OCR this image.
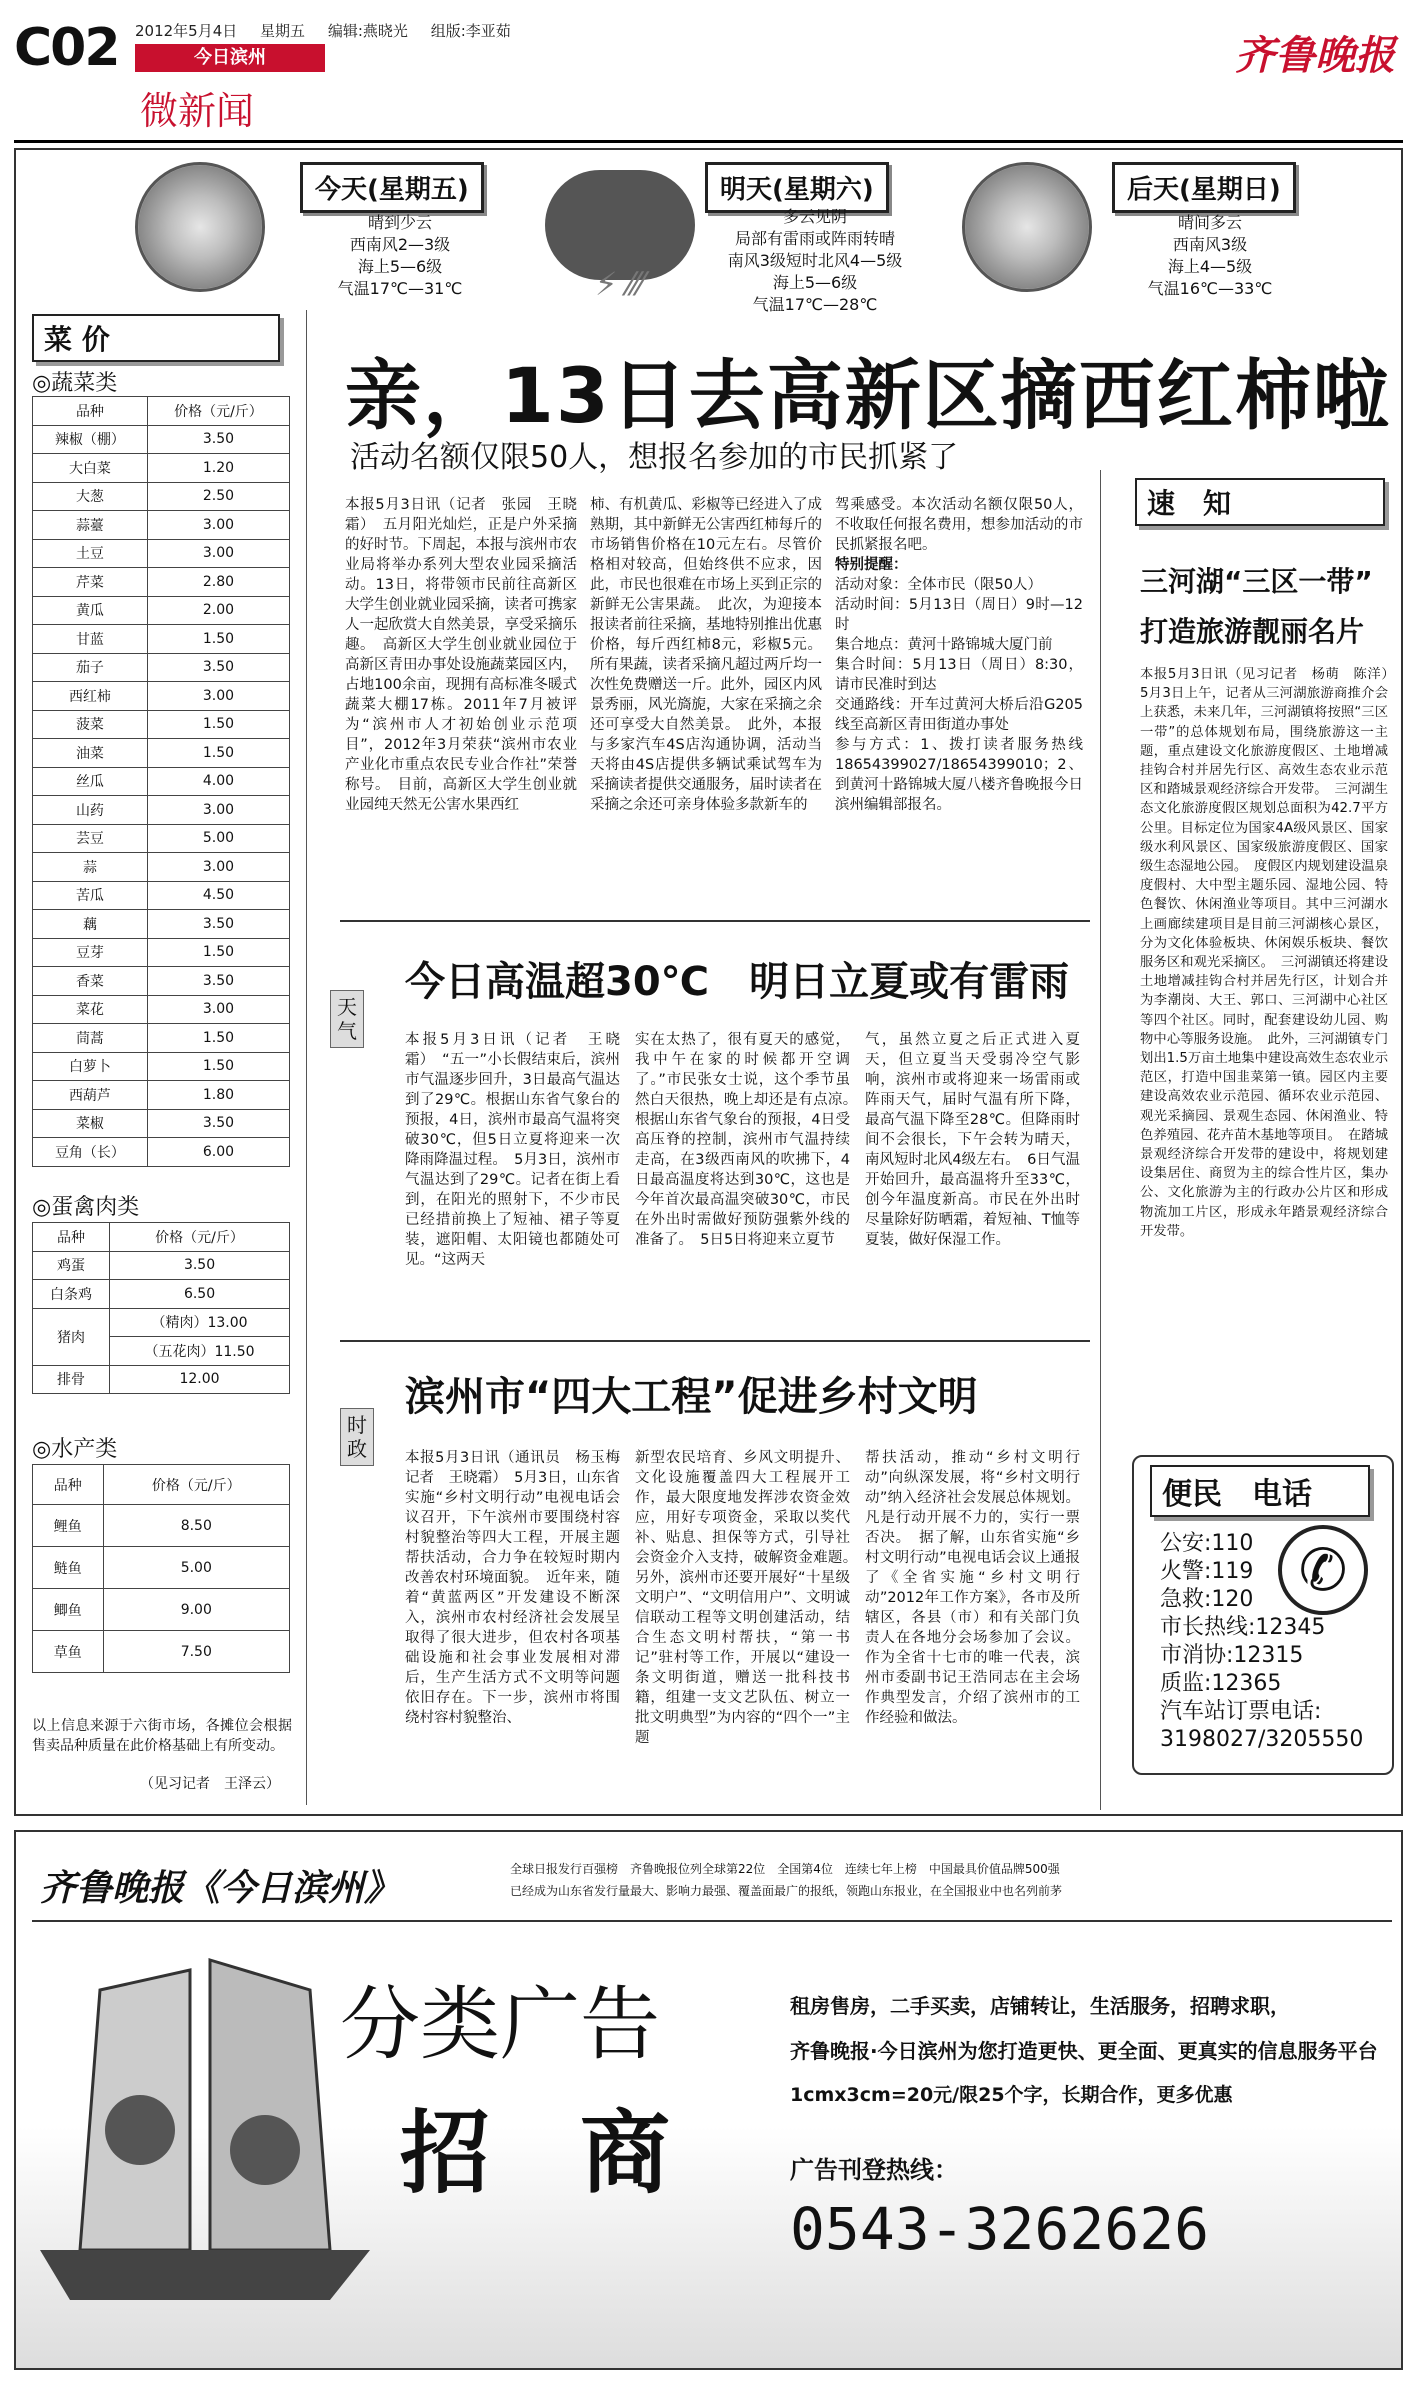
C02 2012年5月4日 星期五 编辑:燕晓光 组版:李亚茹
今日滨州
微新闻
齐鲁晚报
今天(星期五)
晴到少云
西南风2—3级
海上5—6级
气温17℃—31℃	⚡ ⁄⁄⁄
明天(星期六)
多云见阴
局部有雷雨或阵雨转晴
南风3级短时北风4—5级
海上5—6级
气温17℃—28℃
后天(星期日)
晴间多云
西南风3级
海上4—5级
气温16℃—33℃
菜 价
◎蔬菜类
品种	价格（元/斤）
辣椒（棚）	3.50
大白菜	1.20
大葱	2.50
蒜薹	3.00
土豆	3.00
芹菜	2.80
黄瓜	2.00
甘蓝	1.50
茄子	3.50
西红柿	3.00
菠菜	1.50
油菜	1.50
丝瓜	4.00
山药	3.00
芸豆	5.00
蒜	3.00
苦瓜	4.50
藕	3.50
豆芽	1.50
香菜	3.50
菜花	3.00
茼蒿	1.50
白萝卜	1.50
西葫芦	1.80
菜椒	3.50
豆角（长）	6.00
◎蛋禽肉类
品种	价格（元/斤）
鸡蛋	3.50
白条鸡	6.50
猪肉	（精肉）13.00
	（五花肉）11.50
排骨	12.00
◎水产类
品种	价格（元/斤）
鲤鱼	8.50
鲢鱼	5.00
鲫鱼	9.00
草鱼	7.50
以上信息来源于六街市场，各摊位会根据售卖品种质量在此价格基础上有所变动。
（见习记者　王泽云）
亲，13日去高新区摘西红柿啦
活动名额仅限50人，想报名参加的市民抓紧了
本报5月3日讯（记者　张园　王晓霜）　五月阳光灿烂，正是户外采摘的好时节。下周起，本报与滨州市农业局将举办系列大型农业园采摘活动。13日，将带领市民前往高新区大学生创业就业园采摘，读者可携家人一起欣赏大自然美景，享受采摘乐趣。　高新区大学生创业就业园位于高新区青田办事处设施蔬菜园区内，占地100余亩，现拥有高标准冬暖式蔬菜大棚17栋。2011年7月被评为“滨州市人才初始创业示范项目”，2012年3月荣获“滨州市农业产业化市重点农民专业合作社”荣誉称号。　目前，高新区大学生创业就业园纯天然无公害水果西红
柿、有机黄瓜、彩椒等已经进入了成熟期，其中新鲜无公害西红柿每斤的市场销售价格在10元左右。尽管价格相对较高，但始终供不应求，因此，市民也很难在市场上买到正宗的新鲜无公害果蔬。　此次，为迎接本报读者前往采摘，基地特别推出优惠价格，每斤西红柿8元，彩椒5元。所有果蔬，读者采摘凡超过两斤均一次性免费赠送一斤。此外，园区内风景秀丽，风光旖旎，大家在采摘之余还可享受大自然美景。　此外，本报与多家汽车4S店沟通协调，活动当天将由4S店提供多辆试乘试驾车为采摘读者提供交通服务，届时读者在采摘之余还可亲身体验多款新车的
驾乘感受。本次活动名额仅限50人，不收取任何报名费用，想参加活动的市民抓紧报名吧。
特别提醒：
活动对象：全体市民（限50人）
活动时间：5月13日（周日）9时—12时
集合地点：黄河十路锦城大厦门前
集合时间：5月13日（周日）8:30，请市民准时到达
交通路线：开车过黄河大桥后沿G205线至高新区青田街道办事处
参与方式：1、拨打读者服务热线18654399027/18654399010；2、到黄河十路锦城大厦八楼齐鲁晚报今日滨州编辑部报名。
天气
今日高温超30℃　明日立夏或有雷雨
本报5月3日讯（记者　王晓霜）　“五一”小长假结束后，滨州市气温逐步回升，3日最高气温达到了29℃。根据山东省气象台的预报，4日，滨州市最高气温将突破30℃，但5日立夏将迎来一次降雨降温过程。　5月3日，滨州市气温达到了29℃。记者在街上看到，在阳光的照射下，不少市民已经措前换上了短袖、裙子等夏装，遮阳帽、太阳镜也都随处可见。“这两天
实在太热了，很有夏天的感觉，我中午在家的时候都开空调了。”市民张女士说，这个季节虽然白天很热，晚上却还是有点凉。　根据山东省气象台的预报，4日受高压脊的控制，滨州市气温持续走高，在3级西南风的吹拂下，4日最高温度将达到30℃，这也是今年首次最高温突破30℃，市民在外出时需做好预防强紫外线的准备了。　5日5日将迎来立夏节
气，虽然立夏之后正式进入夏天，但立夏当天受弱冷空气影响，滨州市或将迎来一场雷雨或阵雨天气，届时气温有所下降，最高气温下降至28℃。但降雨时间不会很长，下午会转为晴天，南风短时北风4级左右。　6日气温开始回升，最高温将升至33℃，创今年温度新高。市民在外出时尽量除好防晒霜，着短袖、T恤等夏装，做好保湿工作。
时政
滨州市“四大工程”促进乡村文明
本报5月3日讯（通讯员　杨玉梅　记者　王晓霜）　5月3日，山东省实施“乡村文明行动”电视电话会议召开，下午滨州市要围绕村容村貌整治等四大工程，开展主题帮扶活动，合力争在较短时期内改善农村环境面貌。　近年来，随着“黄蓝两区”开发建设不断深入，滨州市农村经济社会发展呈取得了很大进步，但农村各项基础设施和社会事业发展相对滞后，生产生活方式不文明等问题依旧存在。下一步，滨州市将围绕村容村貌整治、
新型农民培育、乡风文明提升、文化设施覆盖四大工程展开工作，最大限度地发挥涉农资金效应，用好专项资金，采取以奖代补、贴息、担保等方式，引导社会资金介入支持，破解资金难题。　另外，滨州市还要开展好“十星级文明户”、“文明信用户”、文明诚信联动工程等文明创建活动，结合生态文明村帮扶，“第一书记”驻村等工作，开展以“建设一条文明街道，赠送一批科技书籍，组建一支文艺队伍、树立一批文明典型”为内容的“四个一”主题
帮扶活动，推动“乡村文明行动”向纵深发展，将“乡村文明行动”纳入经济社会发展总体规划。凡是行动开展不力的，实行一票否决。　据了解，山东省实施“乡村文明行动”电视电话会议上通报了《全省实施“乡村文明行动”2012年工作方案》，各市及所辖区，各县（市）和有关部门负责人在各地分会场参加了会议。作为全省十七市的唯一代表，滨州市委副书记王浩同志在主会场作典型发言，介绍了滨州市的工作经验和做法。
速　知
三河湖“三区一带”
打造旅游靓丽名片
本报5月3日讯（见习记者　杨萌　陈洋）　5月3日上午，记者从三河湖旅游商推介会上获悉，未来几年，三河湖镇将按照“三区一带”的总体规划布局，围绕旅游这一主题，重点建设文化旅游度假区、土地增减挂钩合村并居先行区、高效生态农业示范区和踏城景观经济综合开发带。　三河湖生态文化旅游度假区规划总面积为42.7平方公里。目标定位为国家4A级风景区、国家级水利风景区、国家级旅游度假区、国家级生态湿地公园。　度假区内规划建设温泉度假村、大中型主题乐园、湿地公园、特色餐饮、休闲渔业等项目。其中三河湖水上画廊续建项目是目前三河湖核心景区，分为文化体验板块、休闲娱乐板块、餐饮服务区和观光采摘区。　三河湖镇还将建设土地增减挂钩合村并居先行区，计划合并为李潮岗、大王、郭口、三河湖中心社区等四个社区。同时，配套建设幼儿园、购物中心等服务设施。　此外，三河湖镇专门划出1.5万亩土地集中建设高效生态农业示范区，打造中国韭菜第一镇。园区内主要建设高效农业示范园、循环农业示范园、观光采摘园、景观生态园、休闲渔业、特色养殖园、花卉苗木基地等项目。　在踏城景观经济综合开发带的建设中，将规划建设集居住、商贸为主的综合性片区，集办公、文化旅游为主的行政办公片区和形成物流加工片区，形成永年踏景观经济综合开发带。
便民　电话
✆
公安:110
火警:119
急救:120
市长热线:12345
市消协:12315
质监:12365
汽车站订票电话:
3198027/3205550
齐鲁晚报《今日滨州》	全球日报发行百强榜　齐鲁晚报位列全球第22位　全国第4位　连续七年上榜　中国最具价值品牌500强
已经成为山东省发行量最大、影响力最强、覆盖面最广的报纸，领跑山东报业，在全国报业中也名列前茅
分类广告
招　商
租房售房，二手买卖，店铺转让，生活服务，招聘求职，
齐鲁晚报·今日滨州为您打造更快、更全面、更真实的信息服务平台
1cmx3cm=20元/限25个字，长期合作，更多优惠
广告刊登热线：
0543-3262626
